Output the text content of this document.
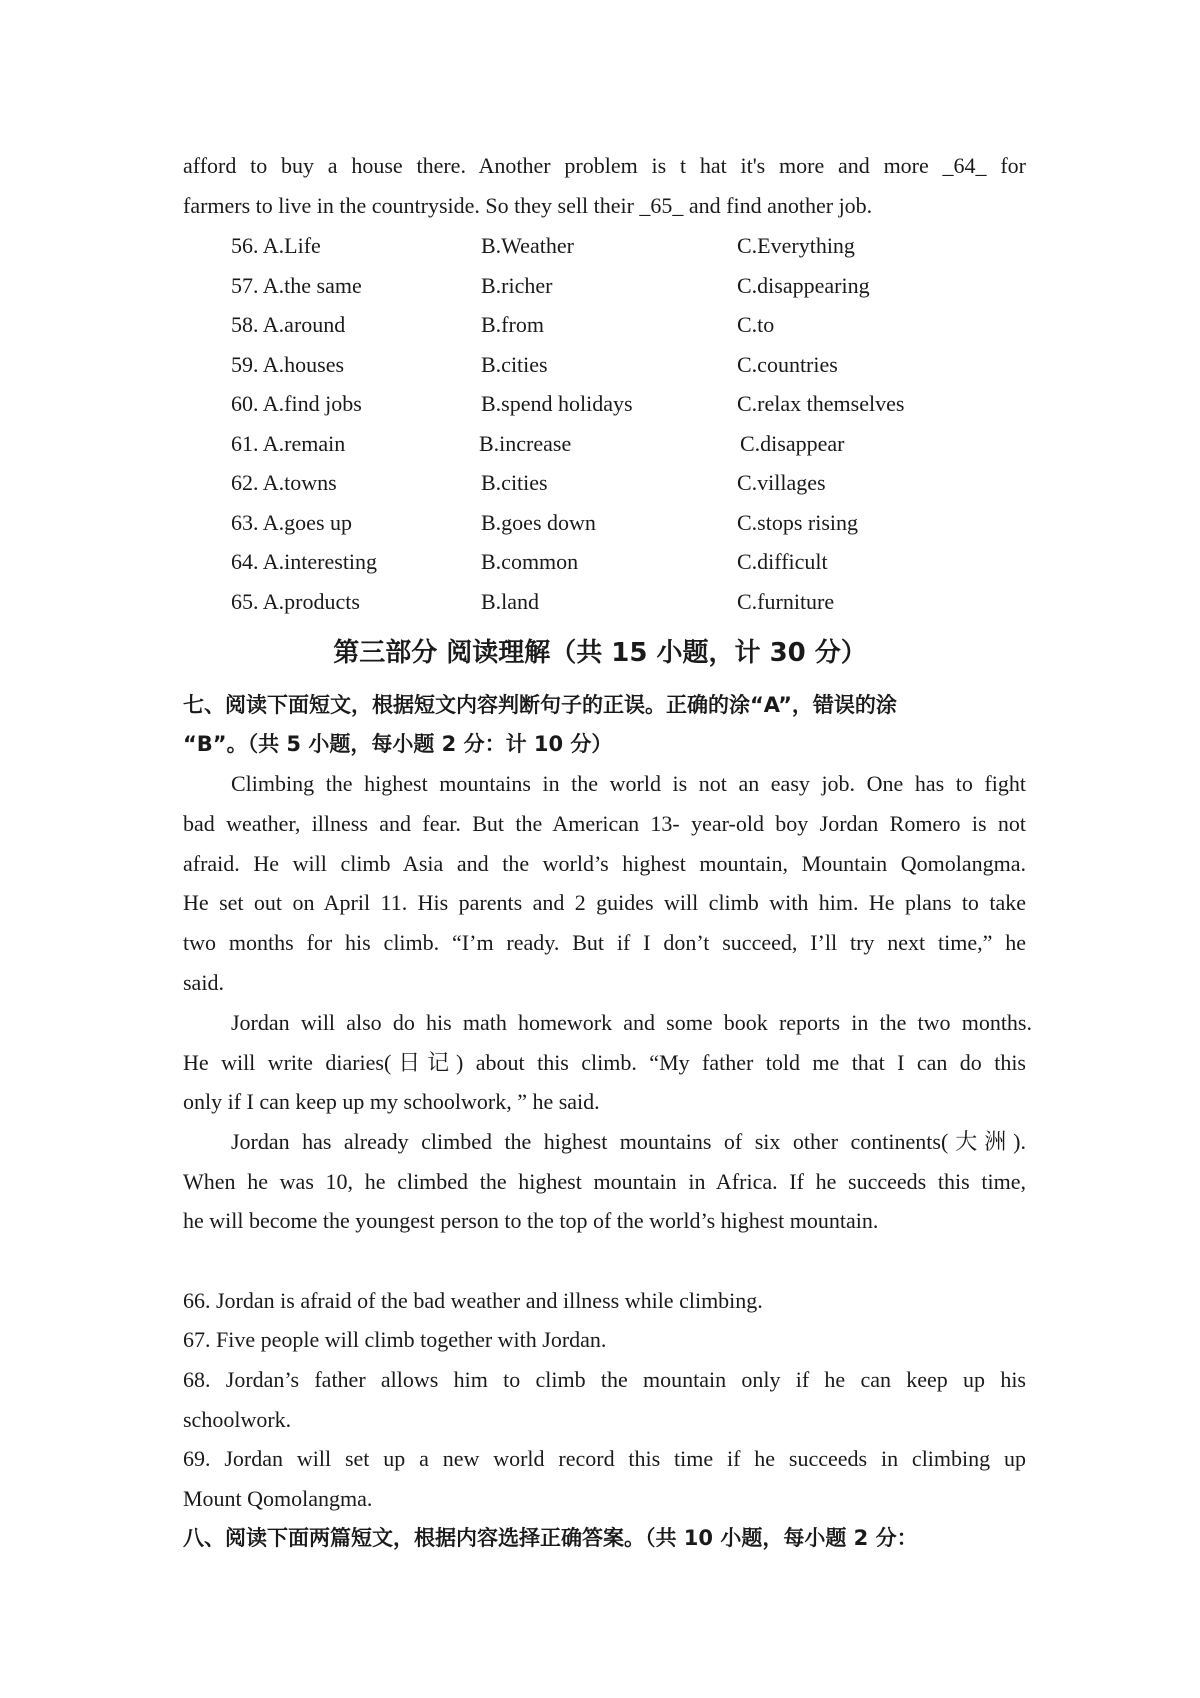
afford to buy a house there. Another problem is t hat it's more and more _64_ for
farmers to live in the countryside. So they sell their _65_ and find another job.
56. A.Life	B.Weather	C.Everything
57. A.the same	B.richer	C.disappearing
58. A.around	B.from	C.to
59. A.houses	B.cities	C.countries
60. A.find jobs	B.spend holidays	C.relax themselves
61. A.remain	B.increase	C.disappear
62. A.towns	B.cities	C.villages
63. A.goes up	B.goes down	C.stops rising
64. A.interesting	B.common	C.difficult
65. A.products	B.land	C.furniture
第三部分 阅读理解（共 15 小题，计 30 分）
七、阅读下面短文，根据短文内容判断句子的正误。正确的涂“A”，错误的涂
“B”。（共 5 小题，每小题 2 分：计 10 分）
Climbing the highest mountains in the world is not an easy job. One has to fight
bad weather, illness and fear. But the American 13- year-old boy Jordan Romero is not
afraid. He will climb Asia and the world’s highest mountain, Mountain Qomolangma.
He set out on April 11. His parents and 2 guides will climb with him. He plans to take
two months for his climb. “I’m ready. But if I don’t succeed, I’ll try next time,” he
said.
Jordan will also do his math homework and some book reports in the two months.
He will write diaries(日记) about this climb. “My father told me that I can do this
only if I can keep up my schoolwork, ” he said.
Jordan has already climbed the highest mountains of six other continents(大洲).
When he was 10, he climbed the highest mountain in Africa. If he succeeds this time,
he will become the youngest person to the top of the world’s highest mountain.
66. Jordan is afraid of the bad weather and illness while climbing.
67. Five people will climb together with Jordan.
68. Jordan’s father allows him to climb the mountain only if he can keep up his
schoolwork.
69. Jordan will set up a new world record this time if he succeeds in climbing up
Mount Qomolangma.
八、阅读下面两篇短文，根据内容选择正确答案。（共 10 小题，每小题 2 分：
